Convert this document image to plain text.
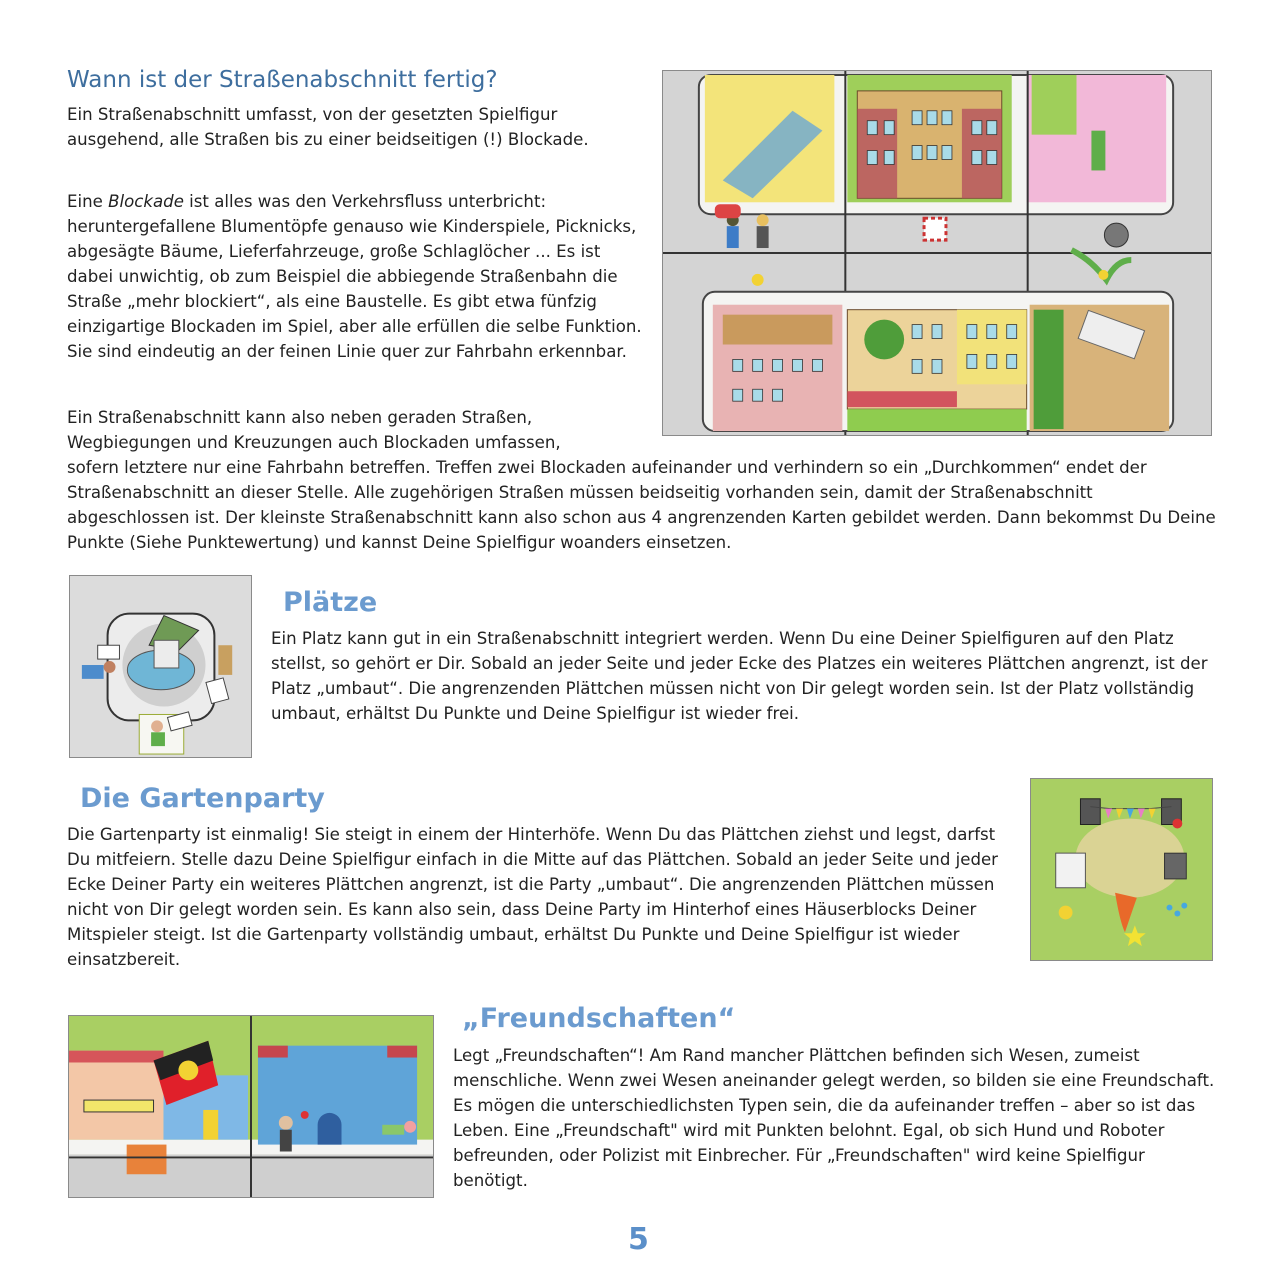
Wann ist der Straßenabschnitt fertig?

Ein Straßenabschnitt umfasst, von der gesetzten Spielfigur ausgehend, alle Straßen bis zu einer beidseitigen (!) Blockade.

Eine Blockade ist alles was den Verkehrsfluss unterbricht: heruntergefallene Blumentöpfe genauso wie Kinderspiele, Picknicks, abgesägte Bäume, Lieferfahrzeuge, große Schlaglöcher ... Es ist dabei unwichtig, ob zum Beispiel die abbiegende Straßenbahn die Straße „mehr blockiert“, als eine Baustelle. Es gibt etwa fünfzig einzigartige Blockaden im Spiel, aber alle erfüllen die selbe Funktion. Sie sind eindeutig an der feinen Linie quer zur Fahrbahn erkennbar.

Ein Straßenabschnitt kann also neben geraden Straßen, Wegbiegungen und Kreuzungen auch Blockaden umfassen,

sofern letztere nur eine Fahrbahn betreffen. Treffen zwei Blockaden aufeinander und verhindern so ein „Durchkommen“ endet der Straßenabschnitt an dieser Stelle. Alle zugehörigen Straßen müssen beidseitig vorhanden sein, damit der Straßenabschnitt abgeschlossen ist. Der kleinste Straßenabschnitt kann also schon aus 4 angrenzenden Karten gebildet werden. Dann bekommst Du Deine Punkte (Siehe Punktewertung) und kannst Deine Spielfigur woanders einsetzen.

Plätze

Ein Platz kann gut in ein Straßenabschnitt integriert werden. Wenn Du eine Deiner Spielfiguren auf den Platz stellst, so gehört er Dir. Sobald an jeder Seite und jeder Ecke des Platzes ein weiteres Plättchen angrenzt, ist der Platz „umbaut“. Die angrenzenden Plättchen müssen nicht von Dir gelegt worden sein. Ist der Platz vollständig umbaut, erhältst Du Punkte und Deine Spielfigur ist wieder frei.

Die Gartenparty

Die Gartenparty ist einmalig! Sie steigt in einem der Hinterhöfe. Wenn Du das Plättchen ziehst und legst, darfst Du mitfeiern. Stelle dazu Deine Spielfigur einfach in die Mitte auf das Plättchen. Sobald an jeder Seite und jeder Ecke Deiner Party ein weiteres Plättchen angrenzt, ist die Party „umbaut“. Die angrenzenden Plättchen müssen nicht von Dir gelegt worden sein. Es kann also sein, dass Deine Party im Hinterhof eines Häuserblocks Deiner Mitspieler steigt. Ist die Gartenparty vollständig umbaut, erhältst Du Punkte und Deine Spielfigur ist wieder einsatzbereit.

„Freundschaften“

Legt „Freundschaften“! Am Rand mancher Plättchen befinden sich Wesen, zumeist menschliche. Wenn zwei Wesen aneinander gelegt werden, so bilden sie eine Freundschaft. Es mögen die unterschiedlichsten Typen sein, die da aufeinander treffen – aber so ist das Leben. Eine „Freundschaft" wird mit Punkten belohnt. Egal, ob sich Hund und Roboter befreunden, oder Polizist mit Einbrecher. Für „Freundschaften" wird keine Spielfigur benötigt.

5
